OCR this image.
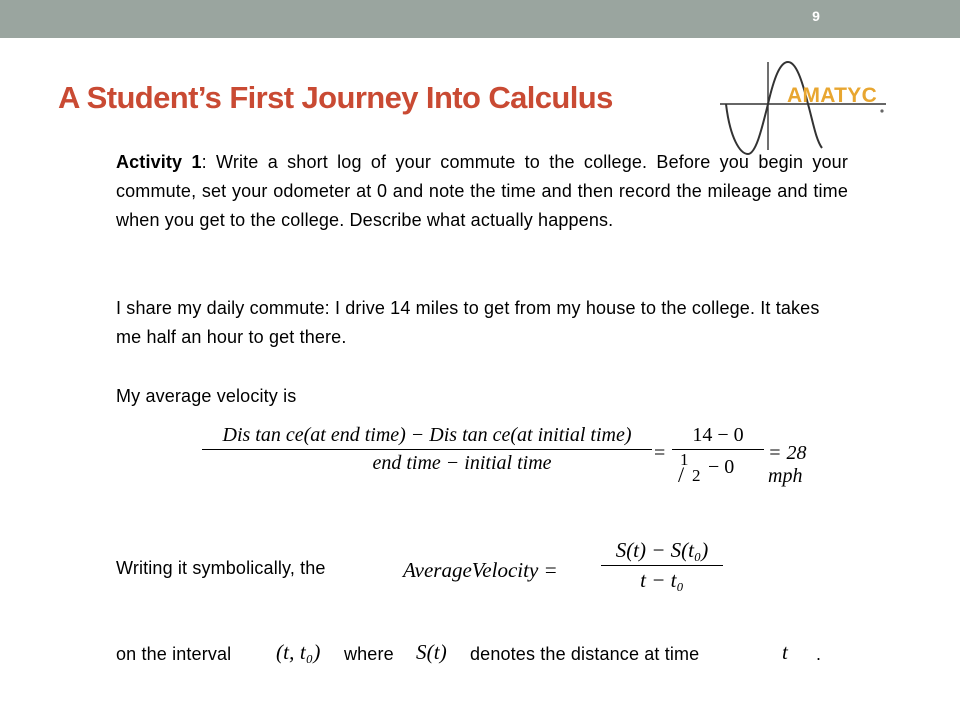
9
A Student’s First Journey Into Calculus	AMATYC

Activity 1: Write a short log of your commute to the college. Before you begin your commute, set your odometer at 0 and note the time and then record the mileage and time when you get to the college. Describe what actually happens.

I share my daily commute: I drive 14 miles to get from my house to the college. It takes me half an hour to get there.

My average velocity is

Dis tan ce(at end time) − Dis tan ce(at initial time)
end time − initial time	=
14 − 0
1
/ 2 − 0
= 28 mph
Writing it symbolically, the	AverageVelocity =
S(t) − S(t₀)
t − t₀
on the interval (t, t₀) where S(t) denotes the distance at time	t .
